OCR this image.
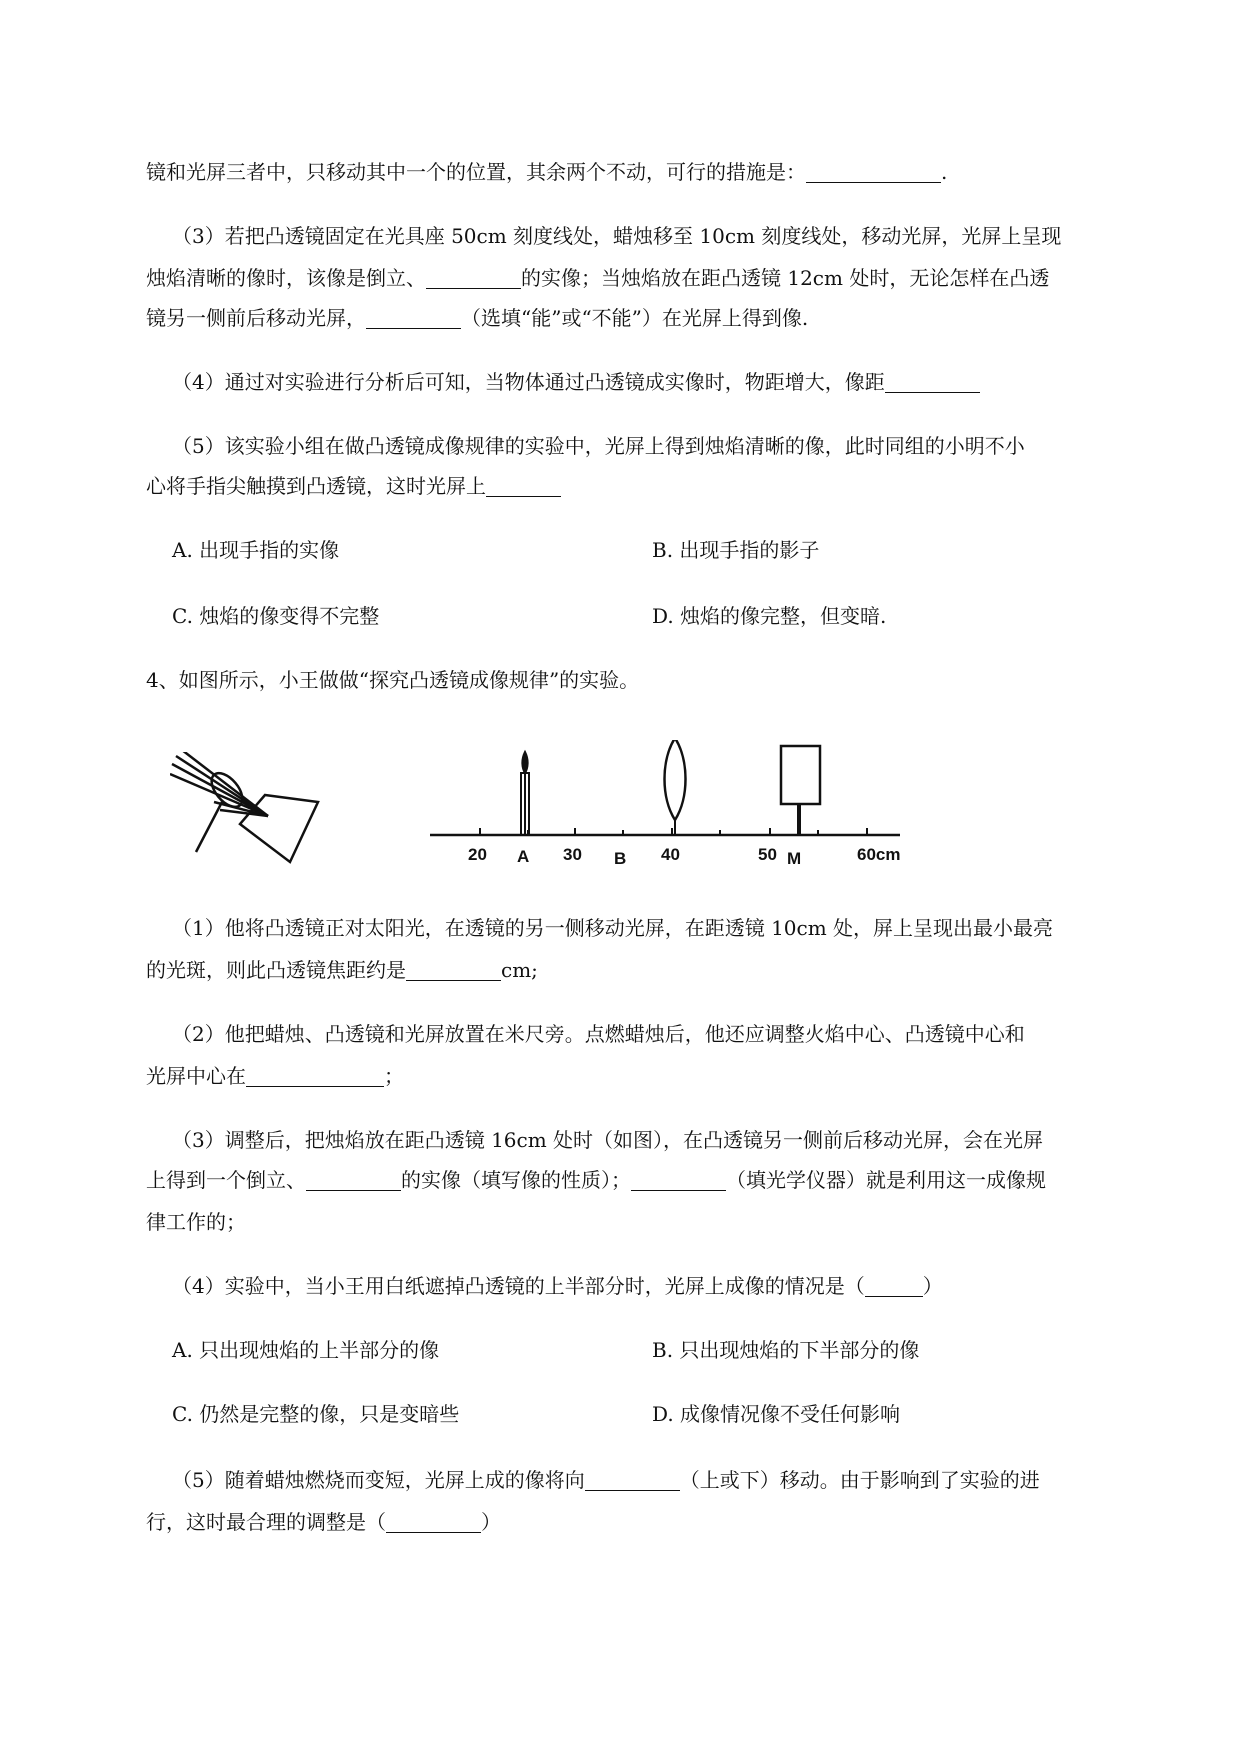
镜和光屏三者中，只移动其中一个的位置，其余两个不动，可行的措施是：	.
（3）若把凸透镜固定在光具座 50cm 刻度线处，蜡烛移至 10cm 刻度线处，移动光屏，光屏上呈现
烛焰清晰的像时，该像是倒立、	的实像；当烛焰放在距凸透镜 12cm 处时，无论怎样在凸透
镜另一侧前后移动光屏，	（选填“能”或“不能”）在光屏上得到像.
（4）通过对实验进行分析后可知，当物体通过凸透镜成实像时，物距增大，像距
（5）该实验小组在做凸透镜成像规律的实验中，光屏上得到烛焰清晰的像，此时同组的小明不小
心将手指尖触摸到凸透镜，这时光屏上
A. 出现手指的实像	B. 出现手指的影子
C. 烛焰的像变得不完整	D. 烛焰的像完整，但变暗.
4、如图所示，小王做做“探究凸透镜成像规律”的实验。
20	30	40	50	60cm
A	B	M
（1）他将凸透镜正对太阳光，在透镜的另一侧移动光屏，在距透镜 10cm 处，屏上呈现出最小最亮
的光斑，则此凸透镜焦距约是	cm;
（2）他把蜡烛、凸透镜和光屏放置在米尺旁。点燃蜡烛后，他还应调整火焰中心、凸透镜中心和
光屏中心在	；
（3）调整后，把烛焰放在距凸透镜 16cm 处时（如图），在凸透镜另一侧前后移动光屏，会在光屏
上得到一个倒立、	的实像（填写像的性质）；	（填光学仪器）就是利用这一成像规
律工作的；
（4）实验中，当小王用白纸遮掉凸透镜的上半部分时，光屏上成像的情况是（	）
A. 只出现烛焰的上半部分的像	B. 只出现烛焰的下半部分的像
C. 仍然是完整的像，只是变暗些	D. 成像情况像不受任何影响
（5）随着蜡烛燃烧而变短，光屏上成的像将向	（上或下）移动。由于影响到了实验的进
行，这时最合理的调整是（	）
